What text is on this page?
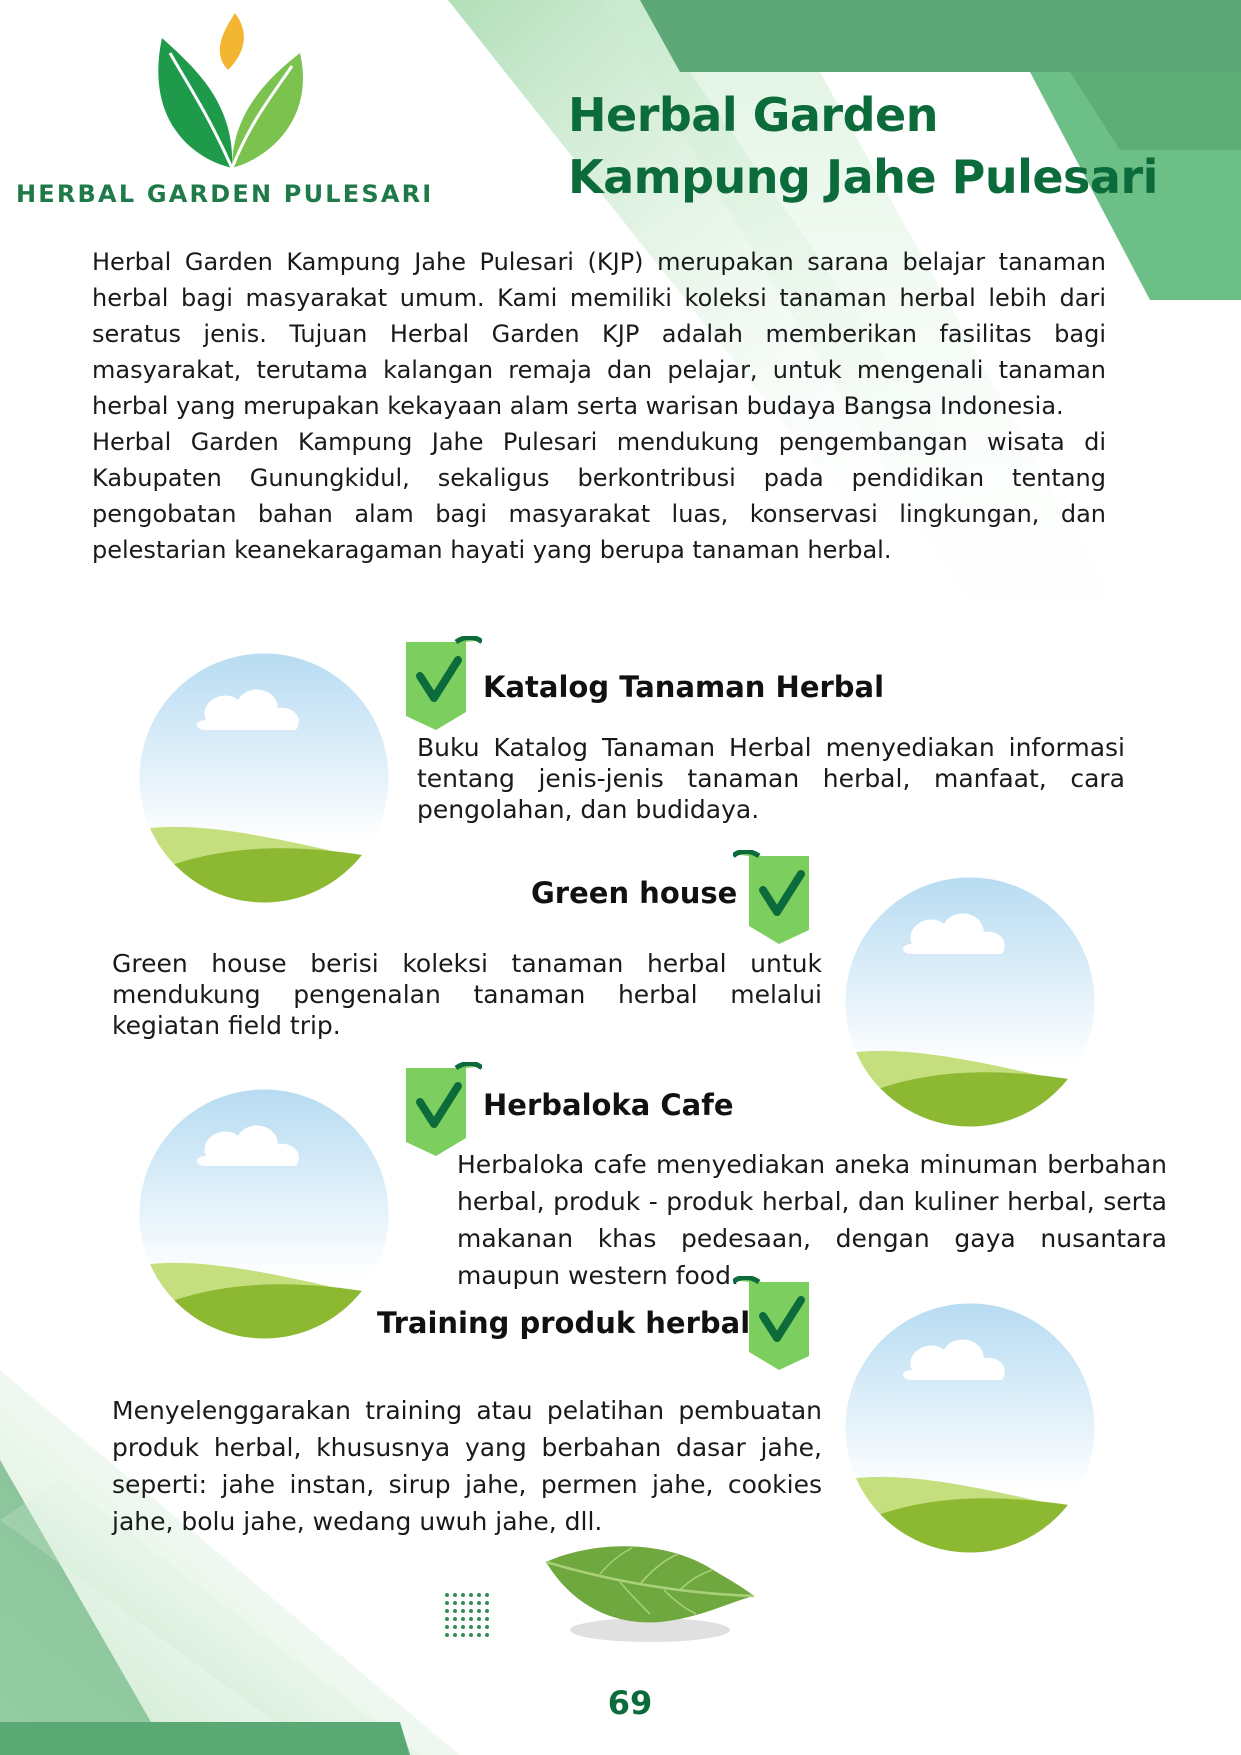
HERBAL GARDEN PULESARI
Herbal Garden
Kampung Jahe Pulesari

Herbal Garden Kampung Jahe Pulesari (KJP) merupakan sarana belajar tanaman herbal bagi masyarakat umum. Kami memiliki koleksi tanaman herbal lebih dari seratus jenis. Tujuan Herbal Garden KJP adalah memberikan fasilitas bagi masyarakat, terutama kalangan remaja dan pelajar, untuk mengenali tanaman herbal yang merupakan kekayaan alam serta warisan budaya Bangsa Indonesia.

Herbal Garden Kampung Jahe Pulesari mendukung pengembangan wisata di Kabupaten Gunungkidul, sekaligus berkontribusi pada pendidikan tentang pengobatan bahan alam bagi masyarakat luas, konservasi lingkungan, dan pelestarian keanekaragaman hayati yang berupa tanaman herbal.

Katalog Tanaman Herbal
Buku Katalog Tanaman Herbal menyediakan informasi tentang jenis-jenis tanaman herbal, manfaat, cara pengolahan, dan budidaya.
Green house
Green house berisi koleksi tanaman herbal untuk mendukung pengenalan tanaman herbal melalui kegiatan field trip.
Herbaloka Cafe
Herbaloka cafe menyediakan aneka minuman berbahan herbal, produk - produk herbal, dan kuliner herbal, serta makanan khas pedesaan, dengan gaya nusantara maupun western food.
Training produk herbal
Menyelenggarakan training atau pelatihan pembuatan produk herbal, khususnya yang berbahan dasar jahe, seperti: jahe instan, sirup jahe, permen jahe, cookies jahe, bolu jahe, wedang uwuh jahe, dll.
69
